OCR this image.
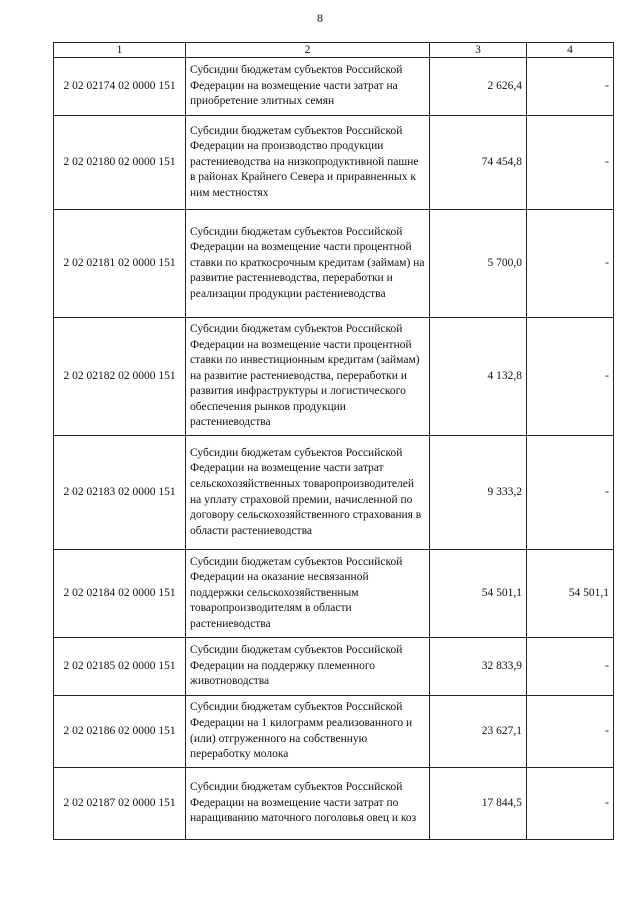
8
1	2	3	4
2 02 02174 02 0000 151	Субсидии бюджетам субъектов Российской Федерации на возмещение части затрат на приобретение элитных семян	2 626,4	-
2 02 02180 02 0000 151	Субсидии бюджетам субъектов Российской Федерации на производство продукции растениеводства на низкопродуктивной пашне в районах Крайнего Севера и приравненных к ним местностях	74 454,8	-
2 02 02181 02 0000 151	Субсидии бюджетам субъектов Российской Федерации на возмещение части процентной ставки по краткосрочным кредитам (займам) на развитие растениеводства, переработки и реализации продукции растениеводства	5 700,0	-
2 02 02182 02 0000 151	Субсидии бюджетам субъектов Российской Федерации на возмещение части процентной ставки по инвестиционным кредитам (займам) на развитие растениеводства, переработки и развития инфраструктуры и логистического обеспечения рынков продукции растениеводства	4 132,8	-
2 02 02183 02 0000 151	Субсидии бюджетам субъектов Российской Федерации на возмещение части затрат сельскохозяйственных товаропроизводителей на уплату страховой премии, начисленной по договору сельскохозяйственного страхования в области растениеводства	9 333,2	-
2 02 02184 02 0000 151	Субсидии бюджетам субъектов Российской Федерации на оказание несвязанной поддержки сельскохозяйственным товаропроизводителям в области растениеводства	54 501,1	54 501,1
2 02 02185 02 0000 151	Субсидии бюджетам субъектов Российской Федерации на поддержку племенного животноводства	32 833,9	-
2 02 02186 02 0000 151	Субсидии бюджетам субъектов Российской Федерации на 1 килограмм реализованного и (или) отгруженного на собственную переработку молока	23 627,1	-
2 02 02187 02 0000 151	Субсидии бюджетам субъектов Российской Федерации на возмещение части затрат по наращиванию маточного поголовья овец и коз	17 844,5	-
